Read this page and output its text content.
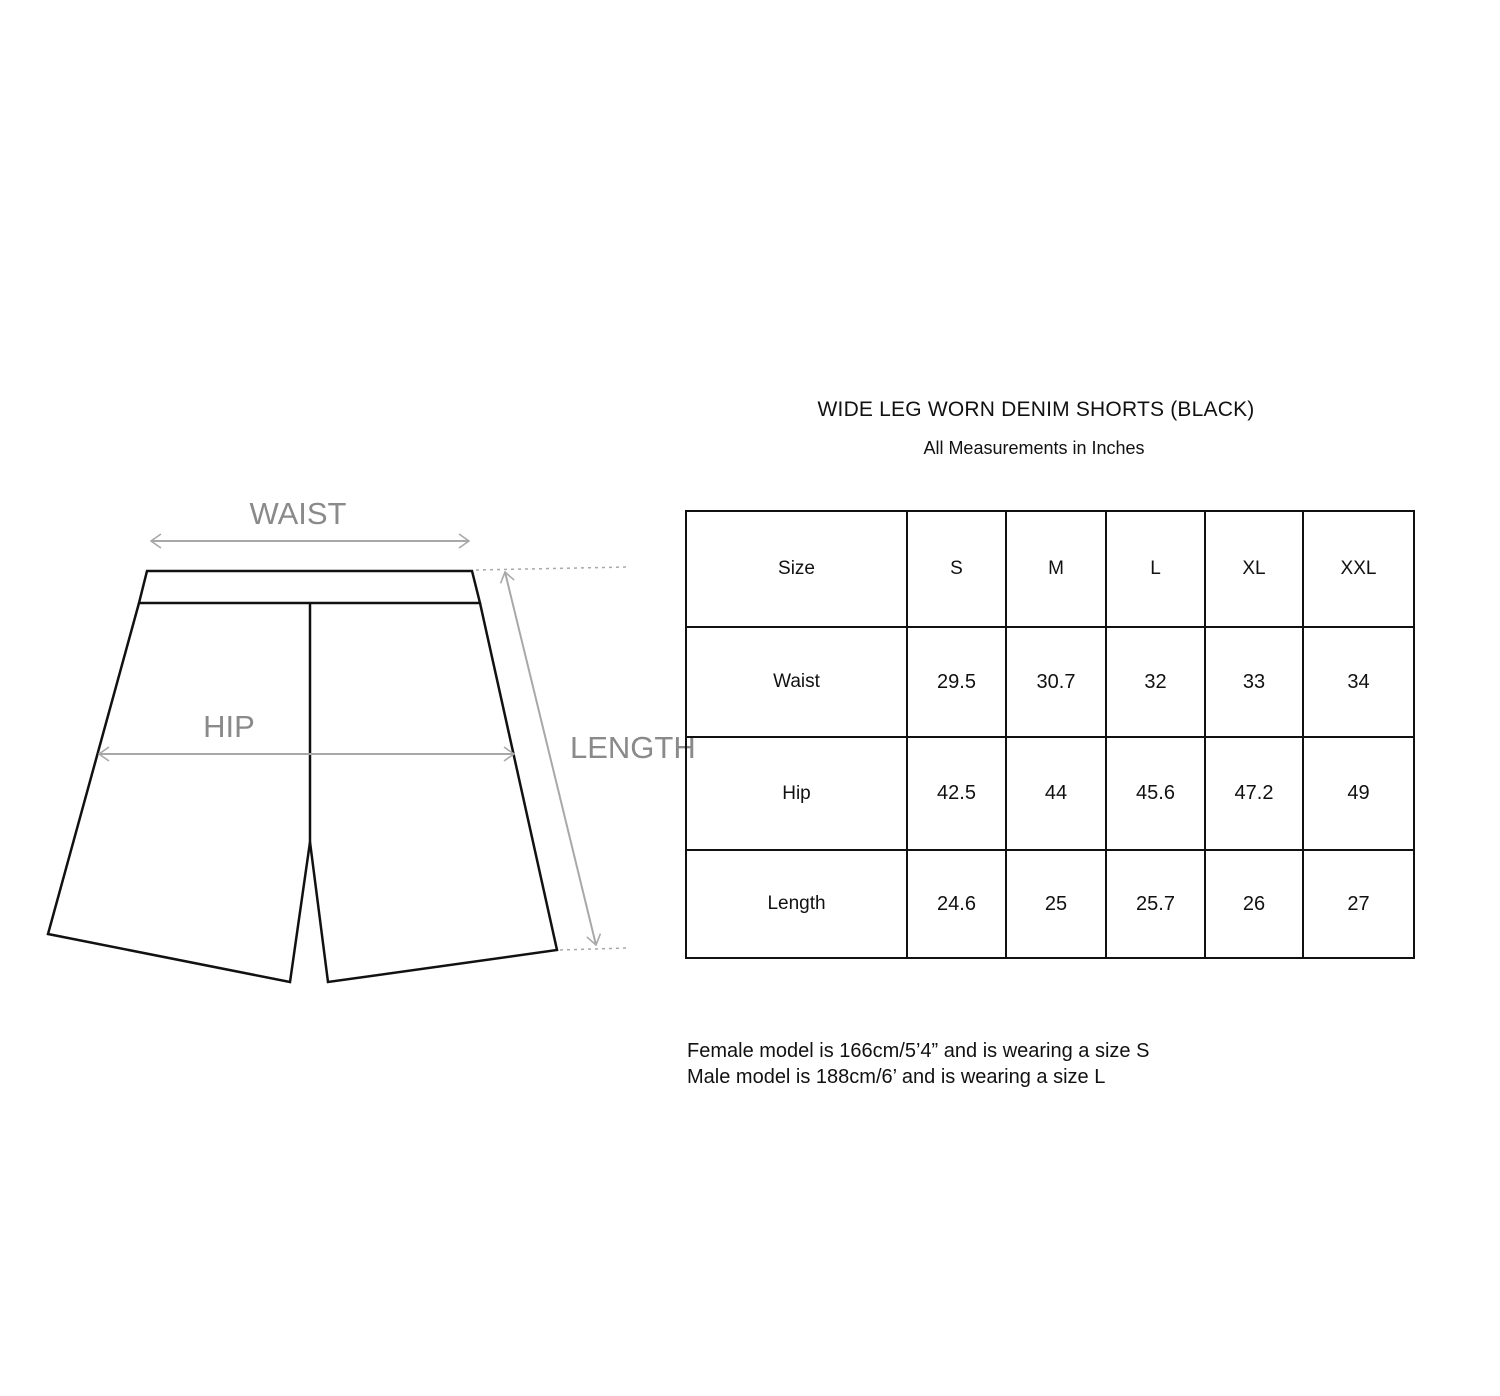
WAIST
HIP
LENGTH
WIDE LEG WORN DENIM SHORTS (BLACK)
All Measurements in Inches
Size	S	M	L	XL	XXL
Waist	29.5	30.7	32	33	34
Hip	42.5	44	45.6	47.2	49
Length	24.6	25	25.7	26	27
Female model is 166cm/5’4” and is wearing a size S
Male model is 188cm/6’ and is wearing a size L
